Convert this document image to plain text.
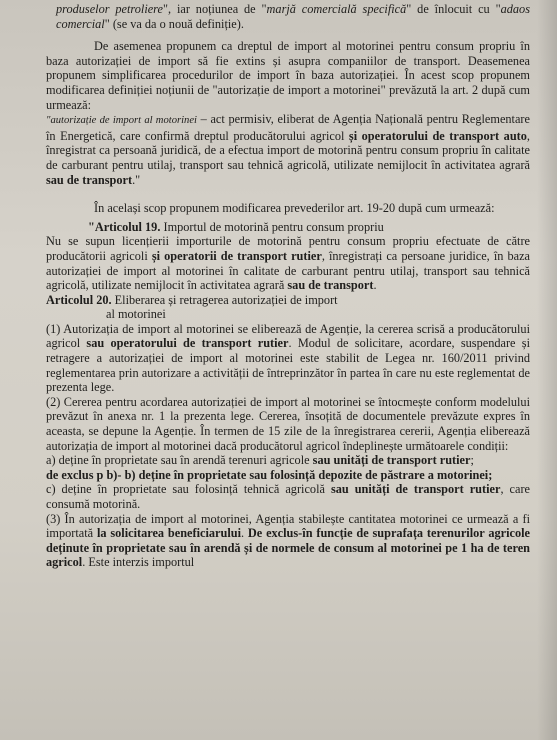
produselor petroliere", iar noțiunea de "marjă comercială specifică" de înlocuit cu "adaos comercial" (se va da o nouă definiție).

De asemenea propunem ca dreptul de import al motorinei pentru consum propriu în baza autorizației de import să fie extins și asupra companiilor de transport. Deasemenea propunem simplificarea procedurilor de import în baza autorizației. În acest scop propunem modificarea definiției noțiunii de "autorizație de import a motorinei" prevăzută la art. 2 după cum urmează:

"autorizație de import al motorinei – act permisiv, eliberat de Agenția Națională pentru Reglementare în Energetică, care confirmă dreptul producătorului agricol și operatorului de transport auto, înregistrat ca persoană juridică, de a efectua import de motorină pentru consum propriu în calitate de carburant pentru utilaj, transport sau tehnică agricolă, utilizate nemijlocit în activitatea agrară sau de transport."

În același scop propunem modificarea prevederilor art. 19-20 după cum urmează:

"Articolul 19. Importul de motorină pentru consum propriu

Nu se supun licențierii importurile de motorină pentru consum propriu efectuate de către producătorii agricoli și operatorii de transport rutier, înregistrați ca persoane juridice, în baza autorizației de import al motorinei în calitate de carburant pentru utilaj, transport sau tehnică agricolă, utilizate nemijlocit în activitatea agrară sau de transport.

Articolul 20. Eliberarea și retragerea autorizației de import

al motorinei

(1) Autorizația de import al motorinei se eliberează de Agenție, la cererea scrisă a producătorului agricol sau operatorului de transport rutier. Modul de solicitare, acordare, suspendare și retragere a autorizației de import al motorinei este stabilit de Legea nr. 160/2011 privind reglementarea prin autorizare a activității de întreprinzător în partea în care nu este reglementat de prezenta lege.

(2) Cererea pentru acordarea autorizației de import al motorinei se întocmește conform modelului prevăzut în anexa nr. 1 la prezenta lege. Cererea, însoțită de documentele prevăzute expres în aceasta, se depune la Agenție. În termen de 15 zile de la înregistrarea cererii, Agenția eliberează autorizația de import al motorinei dacă producătorul agricol îndeplinește următoarele condiții:

a) deține în proprietate sau în arendă terenuri agricole sau unități de transport rutier;

de exclus p b)- b) deține în proprietate sau folosință depozite de păstrare a motorinei;

c) deține în proprietate sau folosință tehnică agricolă sau unități de transport rutier, care consumă motorină.

(3) În autorizația de import al motorinei, Agenția stabilește cantitatea motorinei ce urmează a fi importată la solicitarea beneficiarului. De exclus-în funcție de suprafața terenurilor agricole deținute în proprietate sau în arendă și de normele de consum al motorinei pe 1 ha de teren agricol. Este interzis importul
